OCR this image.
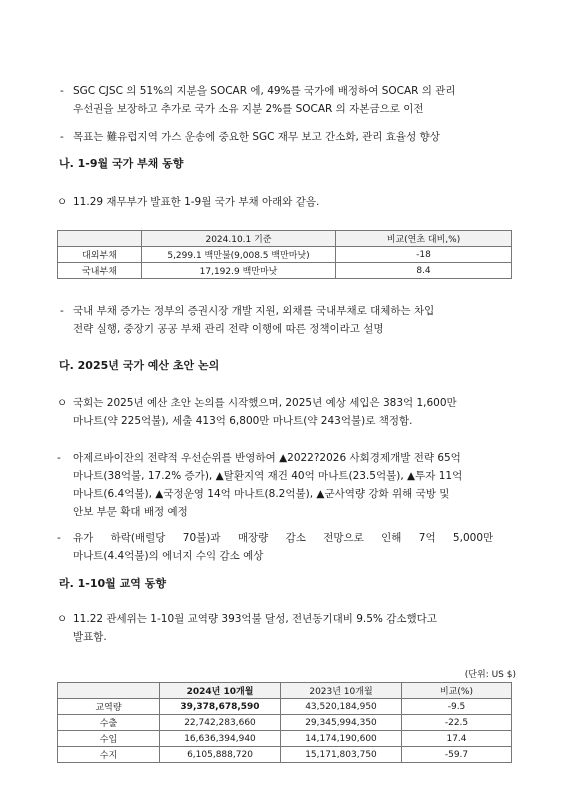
- SGC CJSC 의 51%의 지분을 SOCAR 에, 49%를 국가에 배정하여 SOCAR 의 관리
우선권을 보장하고 추가로 국가 소유 지분 2%를 SOCAR 의 자본금으로 이전
- 목표는 難유럽지역 가스 운송에 중요한 SGC 재무 보고 간소화, 관리 효율성 향상
나. 1-9월 국가 부채 동향
ㅇ 11.29 재무부가 발표한 1-9월 국가 부채 아래와 같음.
	2024.10.1 기준	비교(연초 대비,%)
대외부채	5,299.1 백만불(9,008.5 백만마낫)	-18
국내부채	17,192.9 백만마낫	8.4
- 국내 부채 증가는 정부의 증권시장 개발 지원, 외채를 국내부채로 대체하는 차입
전략 실행, 중장기 공공 부채 관리 전략 이행에 따른 정책이라고 설명
다. 2025년 국가 예산 초안 논의
ㅇ 국회는 2025년 예산 초안 논의를 시작했으며, 2025년 예상 세입은 383억 1,600만
마나트(약 225억불), 세출 413억 6,800만 마나트(약 243억불)로 책정함.
- 아제르바이잔의 전략적 우선순위를 반영하여 ▲2022?2026 사회경제개발 전략 65억
마나트(38억불, 17.2% 증가), ▲탈환지역 재건 40억 마나트(23.5억불), ▲투자 11억
마나트(6.4억불), ▲국정운영 14억 마나트(8.2억불), ▲군사역량 강화 위해 국방 및
안보 부문 확대 배정 예정
- 유가 하락(배럴당 70불)과 매장량 감소 전망으로 인해 7억 5,000만
마나트(4.4억불)의 에너지 수익 감소 예상
라. 1-10월 교역 동향
ㅇ 11.22 관세위는 1-10월 교역량 393억불 달성, 전년동기대비 9.5% 감소했다고
발표함.
(단위: US $)
	2024년 10개월	2023년 10개월	비교(%)
교역량	39,378,678,590	43,520,184,950	-9.5
수출	22,742,283,660	29,345,994,350	-22.5
수입	16,636,394,940	14,174,190,600	17.4
수지	6,105,888,720	15,171,803,750	-59.7
